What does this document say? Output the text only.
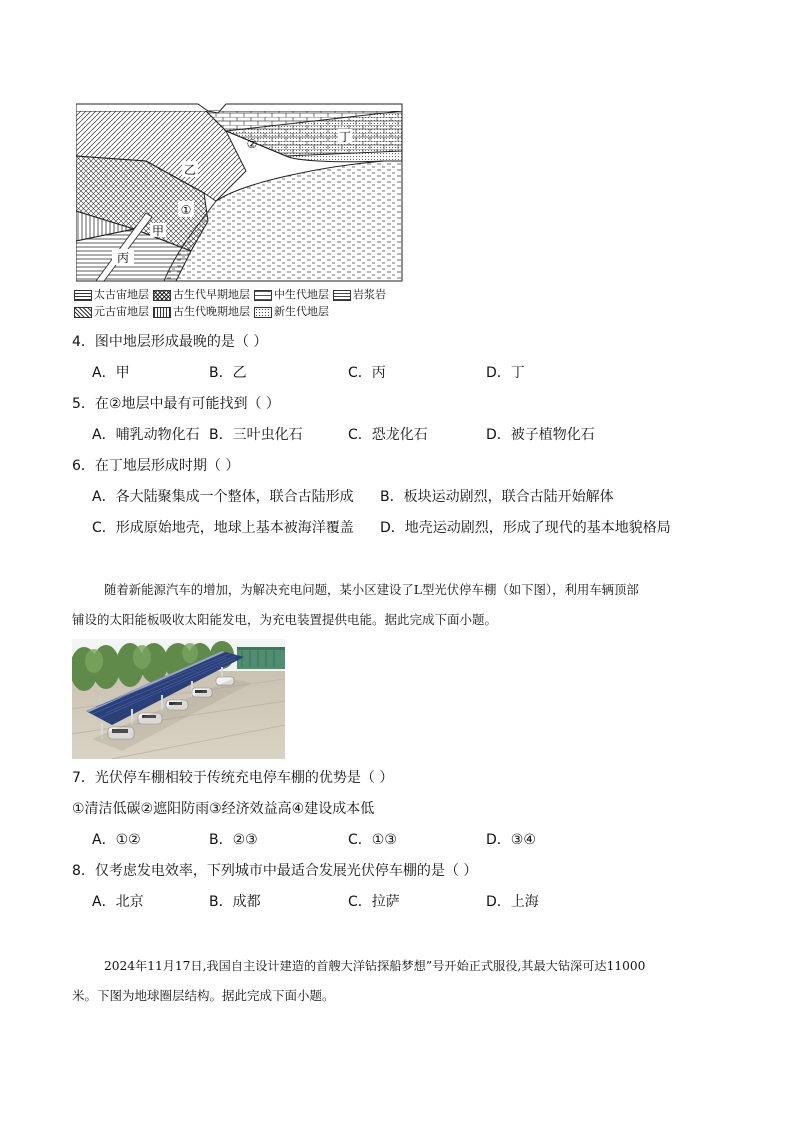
②	丁
乙
①
甲
丙
太古宙地层 古生代早期地层 中生代地层 岩浆岩
元古宙地层 古生代晚期地层 新生代地层
4．图中地层形成最晚的是（ ）
A．甲	B．乙	C．丙	D．丁
5．在②地层中最有可能找到（ ）
A．哺乳动物化石 B．三叶虫化石	C．恐龙化石	D．被子植物化石
6．在丁地层形成时期（ ）
A．各大陆聚集成一个整体，联合古陆形成 B．板块运动剧烈，联合古陆开始解体
C．形成原始地壳，地球上基本被海洋覆盖 D．地壳运动剧烈，形成了现代的基本地貌格局
随着新能源汽车的增加，为解决充电问题，某小区建设了L型光伏停车棚（如下图），利用车辆顶部
铺设的太阳能板吸收太阳能发电，为充电装置提供电能。据此完成下面小题。
7．光伏停车棚相较于传统充电停车棚的优势是（ ）
①清洁低碳②遮阳防雨③经济效益高④建设成本低
A．①②	B．②③	C．①③	D．③④
8．仅考虑发电效率，下列城市中最适合发展光伏停车棚的是（ ）
A．北京	B．成都	C．拉萨	D．上海
2024年11月17日,我国自主设计建造的首艘大洋钻探船梦想”号开始正式服役,其最大钻深可达11000
米。下图为地球圈层结构。据此完成下面小题。
